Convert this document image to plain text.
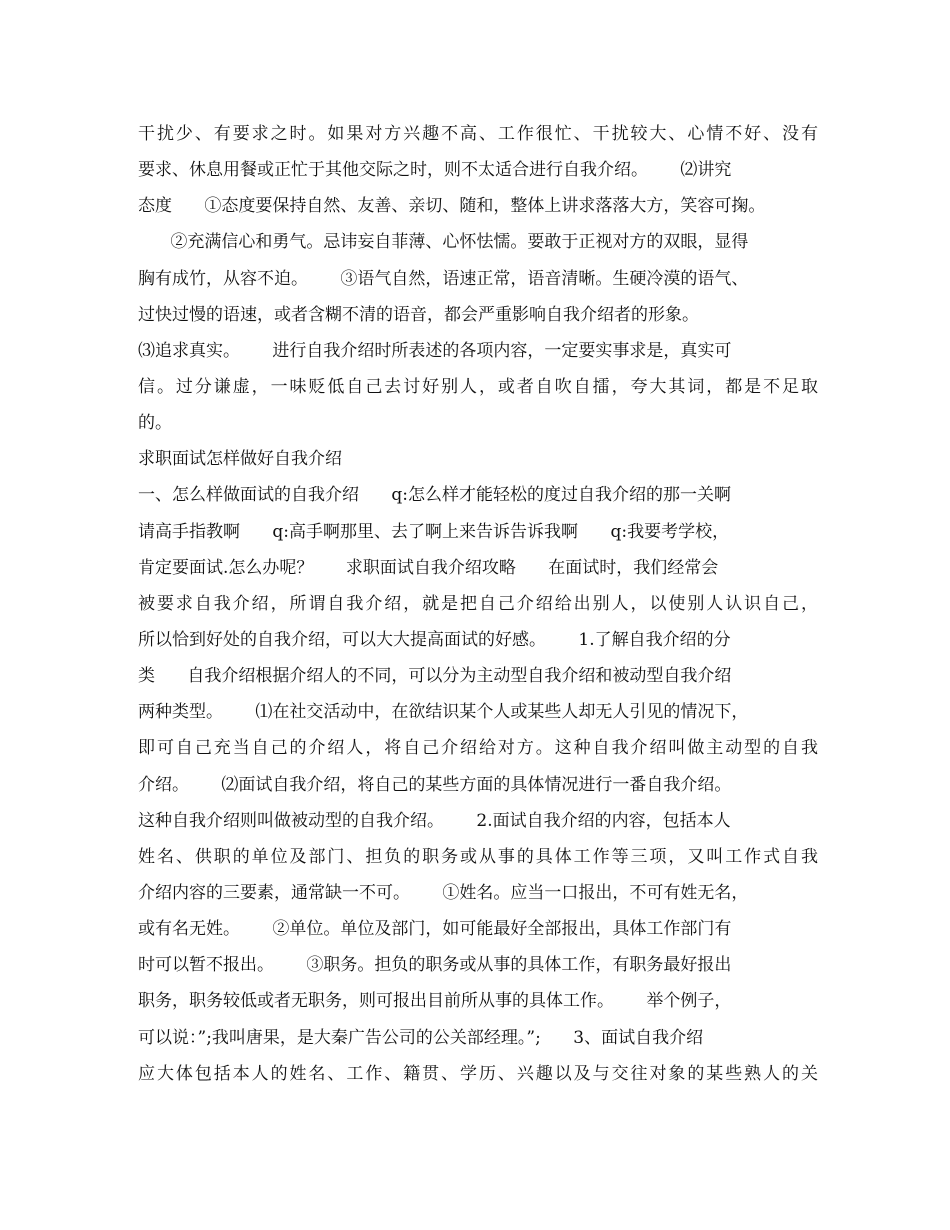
干扰少、有要求之时。如果对方兴趣不高、工作很忙、干扰较大、心情不好、没有
要求、休息用餐或正忙于其他交际之时，则不太适合进行自我介绍。      ⑵讲究
态度      ①态度要保持自然、友善、亲切、随和，整体上讲求落落大方，笑容可掬。
②充满信心和勇气。忌讳妄自菲薄、心怀怯懦。要敢于正视对方的双眼，显得
胸有成竹，从容不迫。      ③语气自然，语速正常，语音清晰。生硬冷漠的语气、
过快过慢的语速，或者含糊不清的语音，都会严重影响自我介绍者的形象。
⑶追求真实。      进行自我介绍时所表述的各项内容，一定要实事求是，真实可
信。过分谦虚，一味贬低自己去讨好别人，或者自吹自擂，夸大其词，都是不足取
的。
求职面试怎样做好自我介绍
一、怎么样做面试的自我介绍      q:怎么样才能轻松的度过自我介绍的那一关啊
请高手指教啊      q:高手啊那里、去了啊上来告诉告诉我啊      q:我要考学校，
肯定要面试.怎么办呢？      求职面试自我介绍攻略      在面试时，我们经常会
被要求自我介绍，所谓自我介绍，就是把自己介绍给出别人，以使别人认识自己，
所以恰到好处的自我介绍，可以大大提高面试的好感。      1.了解自我介绍的分
类      自我介绍根据介绍人的不同，可以分为主动型自我介绍和被动型自我介绍
两种类型。      ⑴在社交活动中，在欲结识某个人或某些人却无人引见的情况下，
即可自己充当自己的介绍人，将自己介绍给对方。这种自我介绍叫做主动型的自我
介绍。      ⑵面试自我介绍，将自己的某些方面的具体情况进行一番自我介绍。
这种自我介绍则叫做被动型的自我介绍。      2.面试自我介绍的内容，包括本人
姓名、供职的单位及部门、担负的职务或从事的具体工作等三项，又叫工作式自我
介绍内容的三要素，通常缺一不可。      ①姓名。应当一口报出，不可有姓无名，
或有名无姓。      ②单位。单位及部门，如可能最好全部报出，具体工作部门有
时可以暂不报出。      ③职务。担负的职务或从事的具体工作，有职务最好报出
职务，职务较低或者无职务，则可报出目前所从事的具体工作。      举个例子，
可以说：”;我叫唐果，是大秦广告公司的公关部经理。”;      3、面试自我介绍
应大体包括本人的姓名、工作、籍贯、学历、兴趣以及与交往对象的某些熟人的关
